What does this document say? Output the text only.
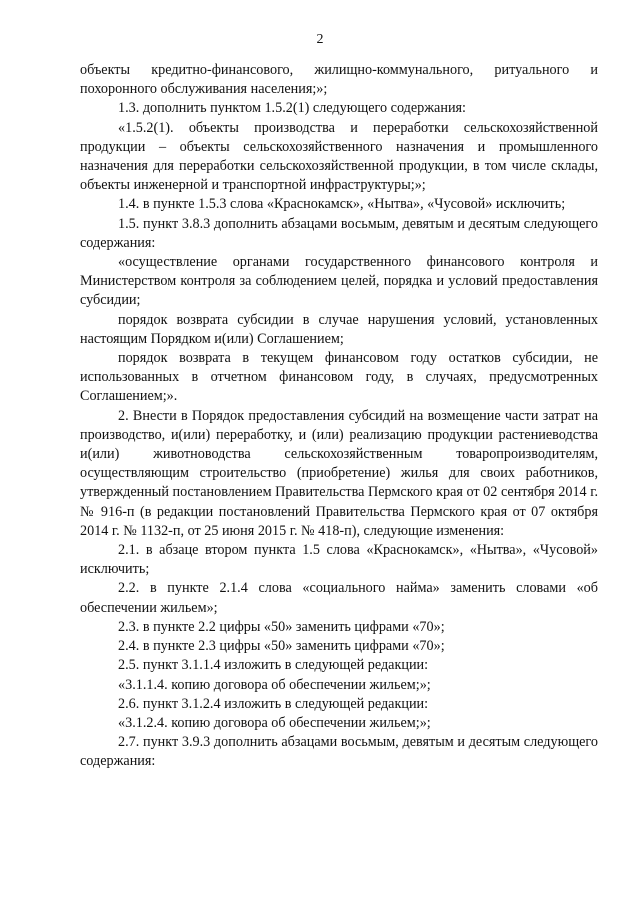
2

объекты кредитно-финансового, жилищно-коммунального, ритуального и похоронного обслуживания населения;»;

1.3. дополнить пунктом 1.5.2(1) следующего содержания:

«1.5.2(1). объекты производства и переработки сельскохозяйственной продукции – объекты сельскохозяйственного назначения и промышленного назначения для переработки сельскохозяйственной продукции, в том числе склады, объекты инженерной и транспортной инфраструктуры;»;

1.4. в пункте 1.5.3 слова «Краснокамск», «Нытва», «Чусовой» исключить;

1.5. пункт 3.8.3 дополнить абзацами восьмым, девятым и десятым следующего содержания:

«осуществление органами государственного финансового контроля и Министерством контроля за соблюдением целей, порядка и условий предоставления субсидии;

порядок возврата субсидии в случае нарушения условий, установленных настоящим Порядком и(или) Соглашением;

порядок возврата в текущем финансовом году остатков субсидии, не использованных в отчетном финансовом году, в случаях, предусмотренных Соглашением;».

2. Внести в Порядок предоставления субсидий на возмещение части затрат на производство, и(или) переработку, и (или) реализацию продукции растениеводства и(или) животноводства сельскохозяйственным товаропроизводителям, осуществляющим строительство (приобретение) жилья для своих работников, утвержденный постановлением Правительства Пермского края от 02 сентября 2014 г. № 916-п (в редакции постановлений Правительства Пермского края от 07 октября 2014 г. № 1132-п, от 25 июня 2015 г. № 418-п), следующие изменения:

2.1. в абзаце втором пункта 1.5 слова «Краснокамск», «Нытва», «Чусовой» исключить;

2.2. в пункте 2.1.4 слова «социального найма» заменить словами «об обеспечении жильем»;

2.3. в пункте 2.2 цифры «50» заменить цифрами «70»;

2.4. в пункте 2.3 цифры «50» заменить цифрами «70»;

2.5. пункт 3.1.1.4 изложить в следующей редакции:

«3.1.1.4. копию договора об обеспечении жильем;»;

2.6. пункт 3.1.2.4 изложить в следующей редакции:

«3.1.2.4. копию договора об обеспечении жильем;»;

2.7. пункт 3.9.3 дополнить абзацами восьмым, девятым и десятым следующего содержания:
